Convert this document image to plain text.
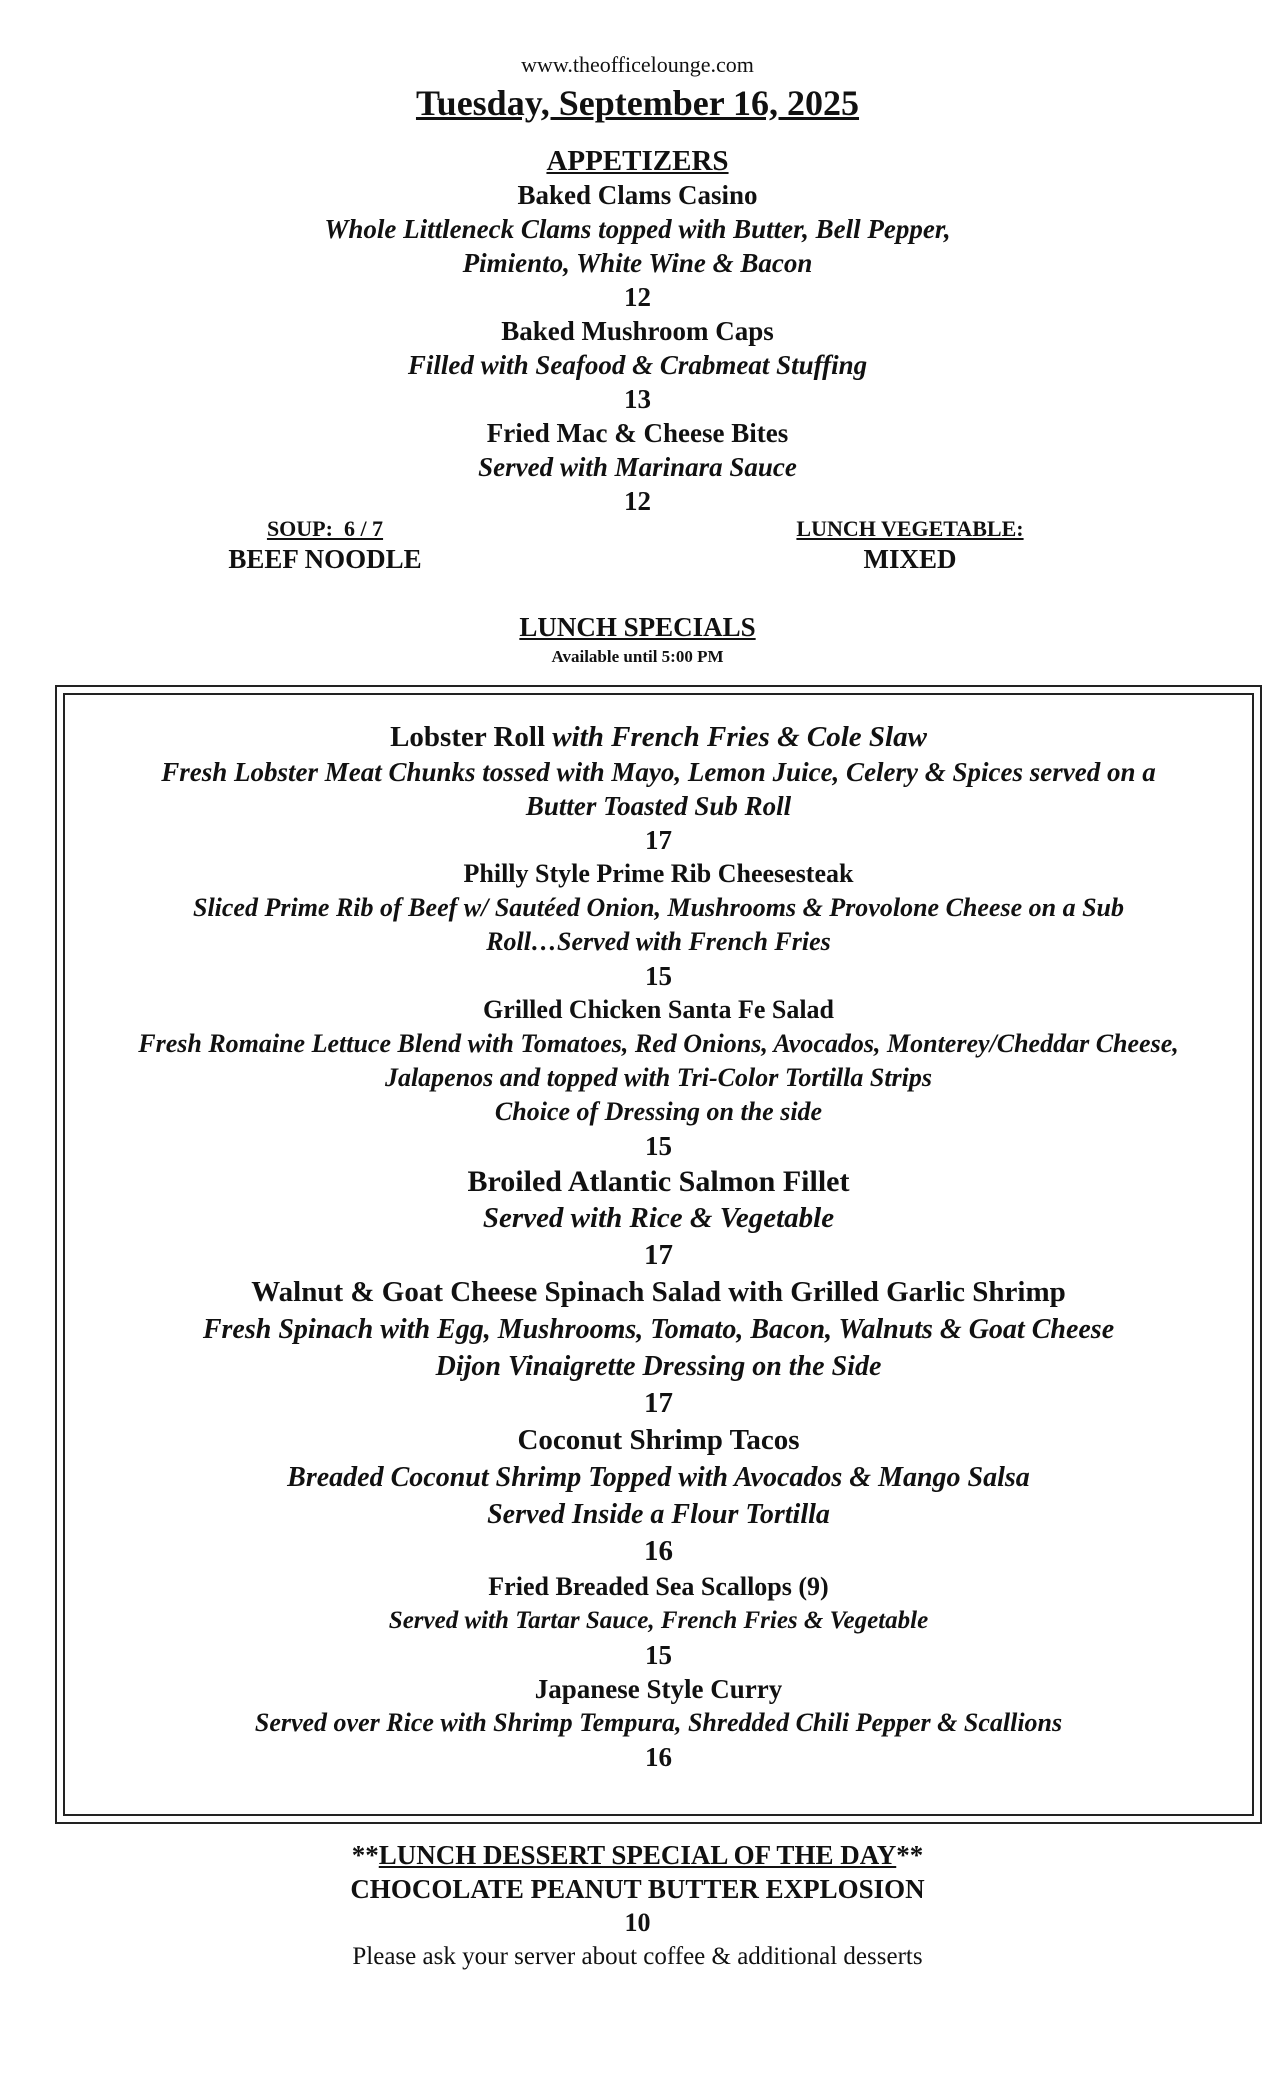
www.theofficelounge.com
Tuesday, September 16, 2025
APPETIZERS
Baked Clams Casino
Whole Littleneck Clams topped with Butter, Bell Pepper,
Pimiento, White Wine & Bacon
12
Baked Mushroom Caps
Filled with Seafood & Crabmeat Stuffing
13
Fried Mac & Cheese Bites
Served with Marinara Sauce
12
SOUP:  6 / 7
BEEF NOODLE
LUNCH VEGETABLE:
MIXED
LUNCH SPECIALS
Available until 5:00 PM
Lobster Roll with French Fries & Cole Slaw
Fresh Lobster Meat Chunks tossed with Mayo, Lemon Juice, Celery & Spices served on a
Butter Toasted Sub Roll
17
Philly Style Prime Rib Cheesesteak
Sliced Prime Rib of Beef w/ Sautéed Onion, Mushrooms & Provolone Cheese on a Sub
Roll…Served with French Fries
15
Grilled Chicken Santa Fe Salad
Fresh Romaine Lettuce Blend with Tomatoes, Red Onions, Avocados, Monterey/Cheddar Cheese,
Jalapenos and topped with Tri-Color Tortilla Strips
Choice of Dressing on the side
15
Broiled Atlantic Salmon Fillet
Served with Rice & Vegetable
17
Walnut & Goat Cheese Spinach Salad with Grilled Garlic Shrimp
Fresh Spinach with Egg, Mushrooms, Tomato, Bacon, Walnuts & Goat Cheese
Dijon Vinaigrette Dressing on the Side
17
Coconut Shrimp Tacos
Breaded Coconut Shrimp Topped with Avocados & Mango Salsa
Served Inside a Flour Tortilla
16
Fried Breaded Sea Scallops (9)
Served with Tartar Sauce, French Fries & Vegetable
15
Japanese Style Curry
Served over Rice with Shrimp Tempura, Shredded Chili Pepper & Scallions
16
**LUNCH DESSERT SPECIAL OF THE DAY**
CHOCOLATE PEANUT BUTTER EXPLOSION
10
Please ask your server about coffee & additional desserts
